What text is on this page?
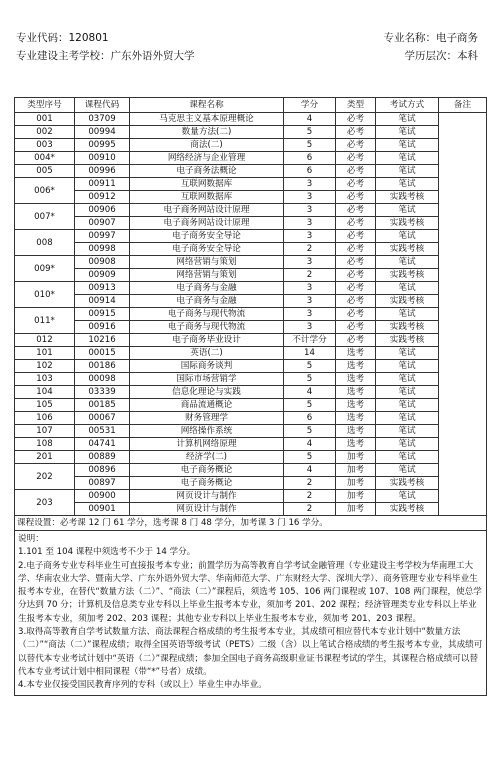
专业代码：120801
专业建设主考学校：广东外语外贸大学
专业名称：电子商务
学历层次：本科
类型序号	课程代码	课程名称	学分	类型	考试方式	备注
001	03709	马克思主义基本原理概论	4	必考	笔试	
002	00994	数量方法(二)	5	必考	笔试	
003	00995	商法(二)	5	必考	笔试	
004*	00910	网络经济与企业管理	6	必考	笔试	
005	00996	电子商务法概论	6	必考	笔试	
006*	00911	互联网数据库	3	必考	笔试	
	00912	互联网数据库	3	必考	实践考核	
007*	00906	电子商务网站设计原理	3	必考	笔试	
	00907	电子商务网站设计原理	3	必考	实践考核	
008	00997	电子商务安全导论	3	必考	笔试	
	00998	电子商务安全导论	2	必考	实践考核	
009*	00908	网络营销与策划	3	必考	笔试	
	00909	网络营销与策划	2	必考	实践考核	
010*	00913	电子商务与金融	3	必考	笔试	
	00914	电子商务与金融	3	必考	实践考核	
011*	00915	电子商务与现代物流	3	必考	笔试	
	00916	电子商务与现代物流	3	必考	实践考核	
012	10216	电子商务毕业设计	不计学分	必考	实践考核	
101	00015	英语(二)	14	选考	笔试	
102	00186	国际商务谈判	5	选考	笔试	
103	00098	国际市场营销学	5	选考	笔试	
104	03339	信息化理论与实践	4	选考	笔试	
105	00185	商品流通概论	5	选考	笔试	
106	00067	财务管理学	6	选考	笔试	
107	00531	网络操作系统	5	选考	笔试	
108	04741	计算机网络原理	4	选考	笔试	
201	00889	经济学(二)	5	加考	笔试	
202	00896	电子商务概论	4	加考	笔试	
	00897	电子商务概论	2	加考	实践考核	
203	00900	网页设计与制作	2	加考	笔试	
	00901	网页设计与制作	2	加考	实践考核	
课程设置：必考课 12 门 61 学分，选考课 8 门 48 学分，加考课 3 门 16 学分。						

说明：

1.101 至 104 课程中须选考不少于 14 学分。

2.电子商务专业专科毕业生可直接报考本专业；前置学历为高等教育自学考试金融管理（专业建设主考学校为华南理工大学、华南农业大学、暨南大学、广东外语外贸大学、华南师范大学、广东财经大学、深圳大学）、商务管理专业专科毕业生报考本专业，在替代“数量方法（二）”、“商法（二）”课程后，须选考 105、106 两门课程或 107、108 两门课程，使总学分达到 70 分；计算机及信息类专业专科以上毕业生报考本专业，须加考 201、202 课程；经济管理类专业专科以上毕业生报考本专业，须加考 202、203 课程；其他专业专科以上毕业生报考本专业，须加考 201、203 课程。

3.取得高等教育自学考试数量方法、商法课程合格成绩的考生报考本专业，其成绩可相应替代本专业计划中“数量方法（二）”“商法（二）”课程成绩；取得全国英语等级考试（PETS）二级（含）以上笔试合格成绩的考生报考本专业，其成绩可以替代本专业考试计划中“英语（二）”课程成绩；参加全国电子商务高级职业证书课程考试的学生，其课程合格成绩可以替代本专业考试计划中相同课程（带“*”号者）成绩。

4.本专业仅接受国民教育序列的专科（或以上）毕业生申办毕业。						
